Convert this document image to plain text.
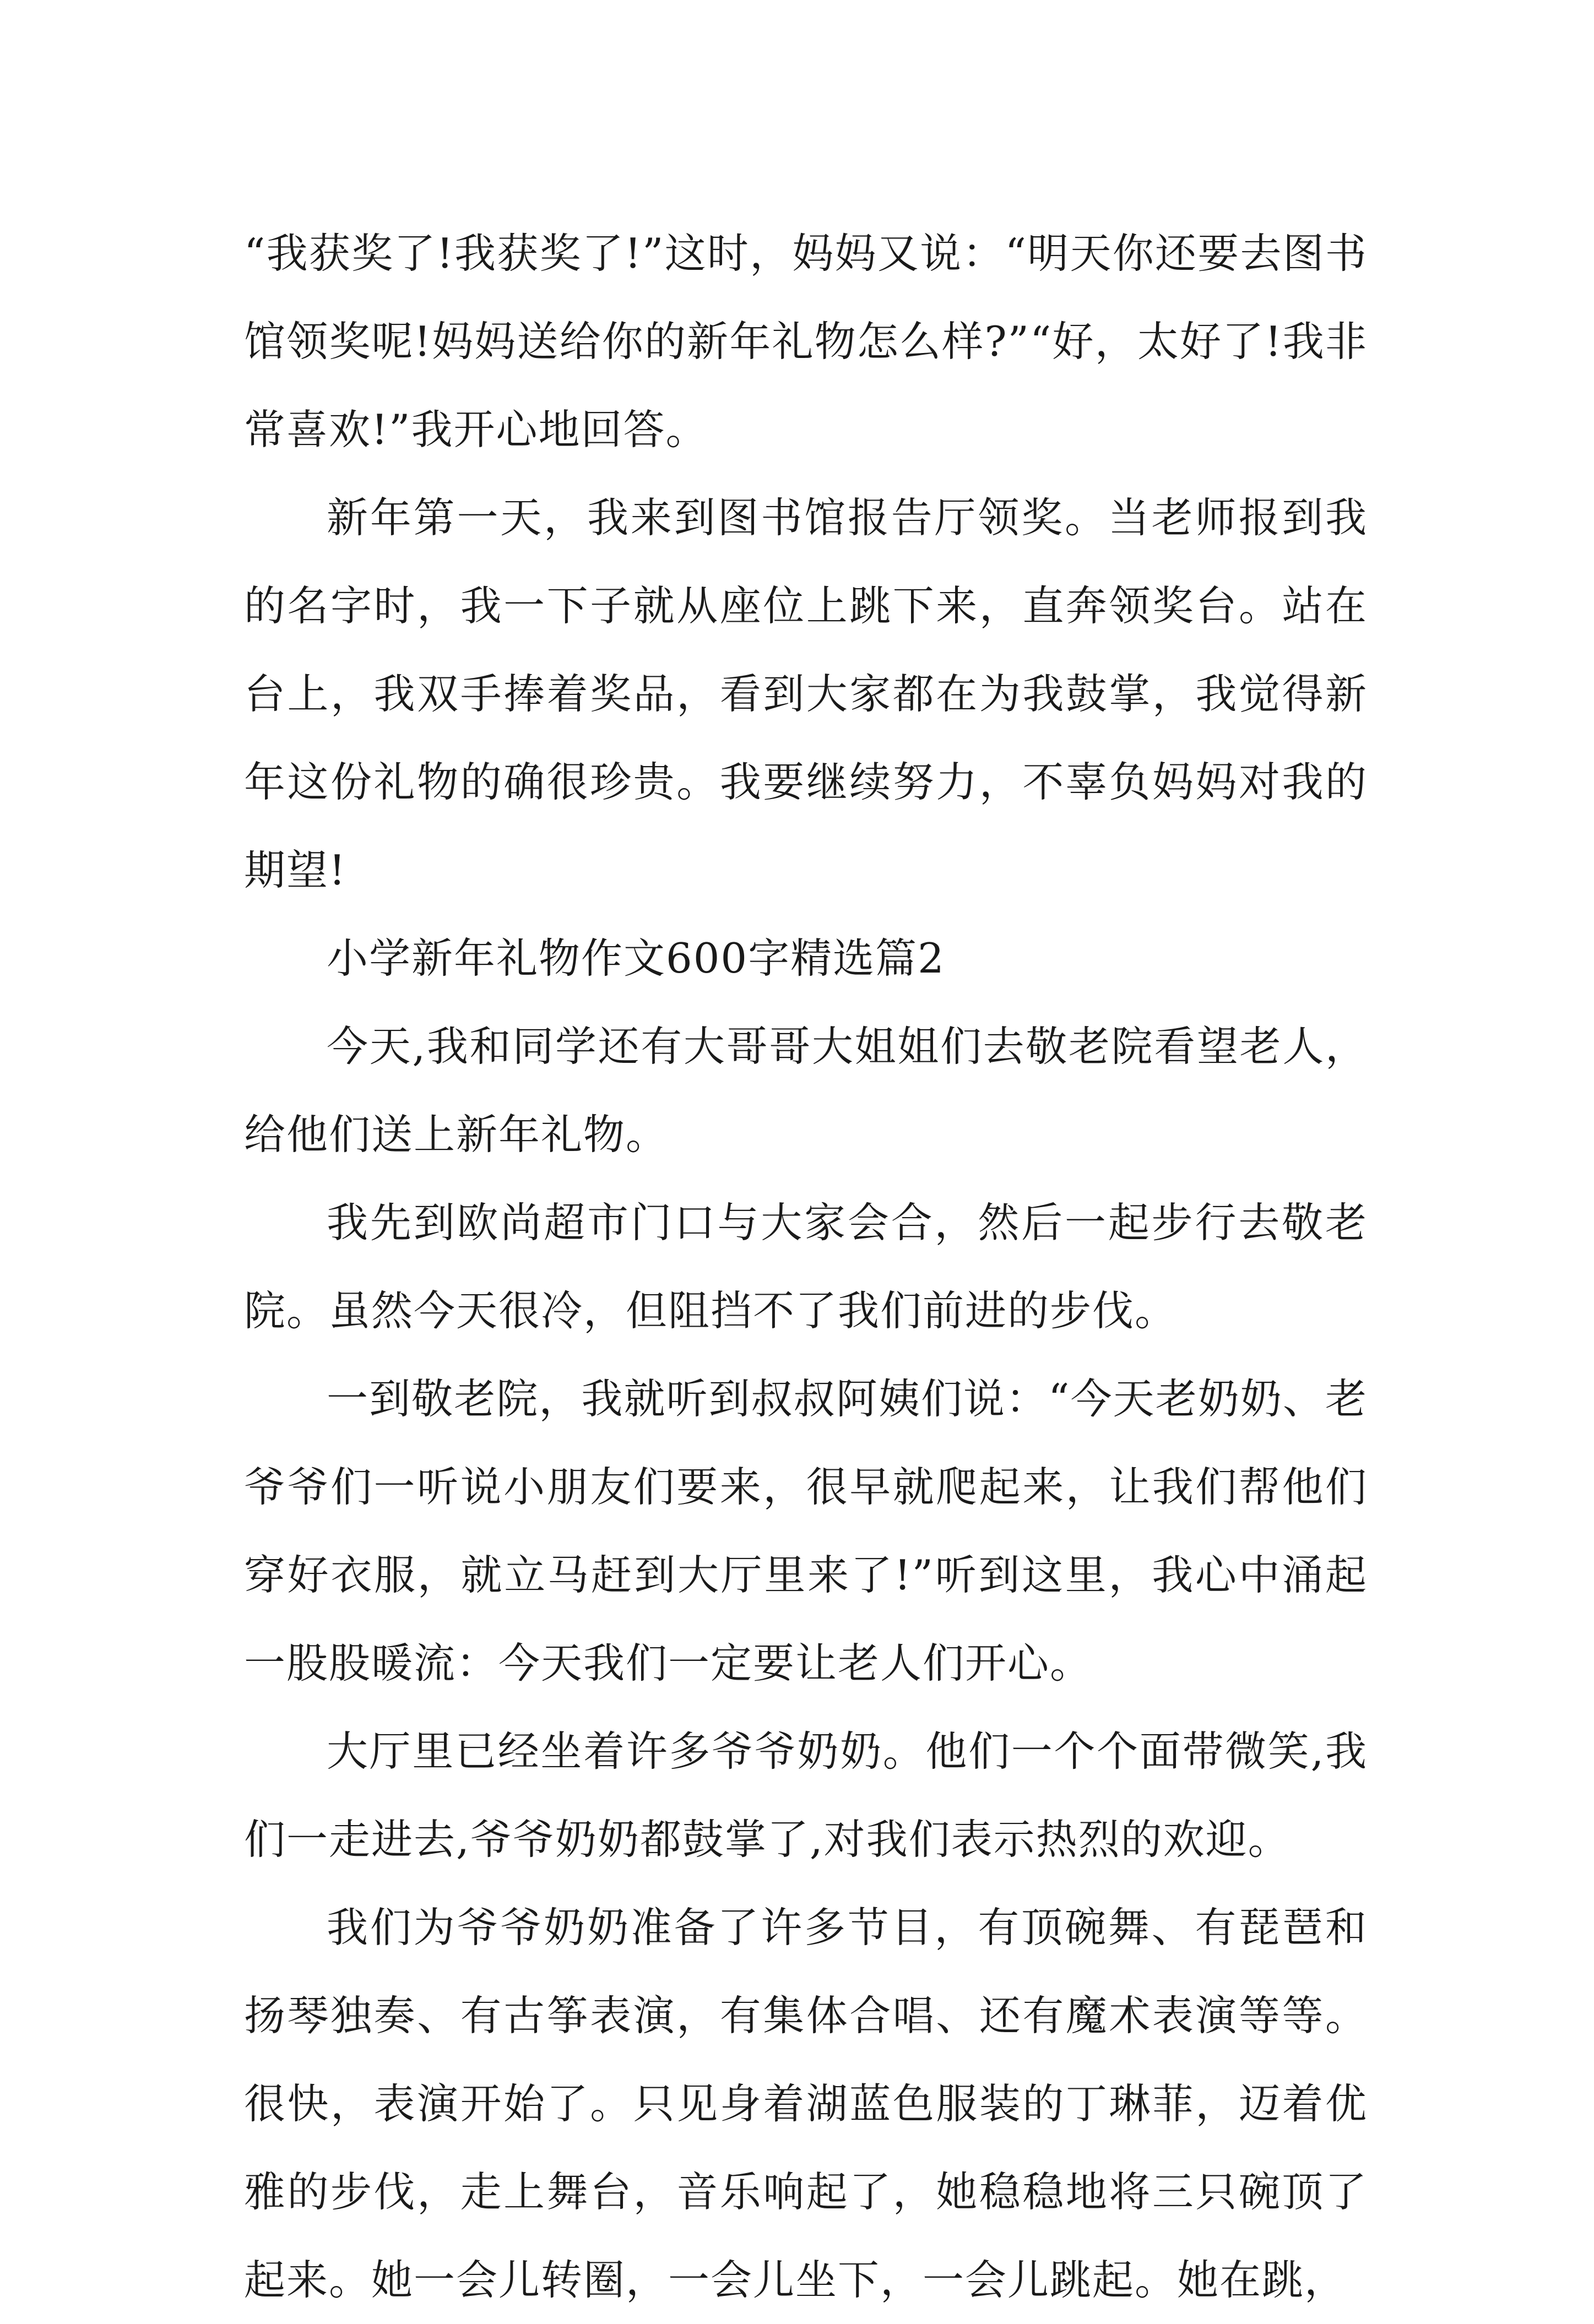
“我获奖了!我获奖了!”这时，妈妈又说：“明天你还要去图书馆领奖呢!妈妈送给你的新年礼物怎么样?”“好，太好了!我非常喜欢!”我开心地回答。

新年第一天，我来到图书馆报告厅领奖。当老师报到我的名字时，我一下子就从座位上跳下来，直奔领奖台。站在台上，我双手捧着奖品，看到大家都在为我鼓掌，我觉得新年这份礼物的确很珍贵。我要继续努力，不辜负妈妈对我的期望!

小学新年礼物作文600字精选篇2

今天,我和同学还有大哥哥大姐姐们去敬老院看望老人，给他们送上新年礼物。

我先到欧尚超市门口与大家会合，然后一起步行去敬老院。虽然今天很冷，但阻挡不了我们前进的步伐。

一到敬老院，我就听到叔叔阿姨们说：“今天老奶奶、老爷爷们一听说小朋友们要来，很早就爬起来，让我们帮他们穿好衣服，就立马赶到大厅里来了!”听到这里，我心中涌起一股股暖流：今天我们一定要让老人们开心。

大厅里已经坐着许多爷爷奶奶。他们一个个面带微笑,我们一走进去,爷爷奶奶都鼓掌了,对我们表示热烈的欢迎。

我们为爷爷奶奶准备了许多节目，有顶碗舞、有琵琶和扬琴独奏、有古筝表演，有集体合唱、还有魔术表演等等。很快，表演开始了。只见身着湖蓝色服装的丁琳菲，迈着优雅的步伐，走上舞台，音乐响起了，她稳稳地将三只碗顶了起来。她一会儿转圈，一会儿坐下，一会儿跳起。她在跳，
